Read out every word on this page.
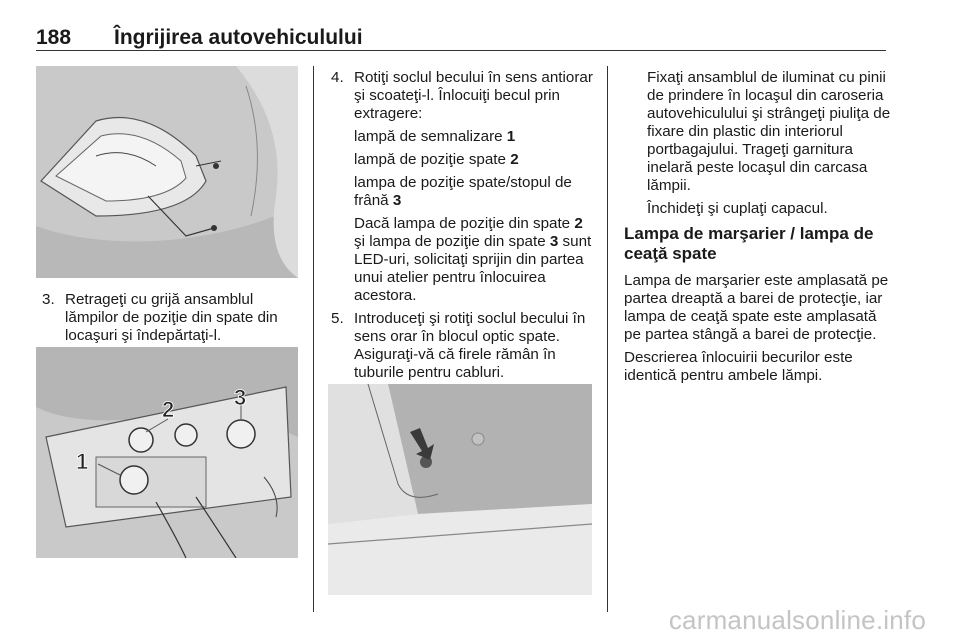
188 Îngrijirea autovehiculului
3. Retrageţi cu grijă ansamblul lămpilor de poziţie din spate din locaşuri şi îndepărtaţi-l.
1
2	3
4. Rotiţi soclul becului în sens antiorar şi scoateţi-l. Înlocuiţi becul prin extragere:

lampă de semnalizare 1

lampă de poziţie spate 2

lampa de poziţie spate/stopul de frână 3

Dacă lampa de poziţie din spate 2 şi lampa de poziţie din spate 3 sunt LED-uri, solicitaţi sprijin din partea unui atelier pentru înlocuirea acestora.

5. Introduceţi şi rotiţi soclul becului în sens orar în blocul optic spate. Asiguraţi-vă că firele rămân în tuburile pentru cabluri.

Fixaţi ansamblul de iluminat cu pinii de prindere în locaşul din caroseria autovehiculului şi strângeţi piuliţa de fixare din plastic din interiorul portbagajului. Trageţi garnitura inelară peste locaşul din carcasa lămpii.

Închideţi şi cuplaţi capacul.

Lampa de marşarier / lampa de ceaţă spate

Lampa de marşarier este amplasată pe partea dreaptă a barei de protecţie, iar lampa de ceaţă spate este amplasată pe partea stângă a barei de protecţie.

Descrierea înlocuirii becurilor este identică pentru ambele lămpi.

carmanualsonline.info
